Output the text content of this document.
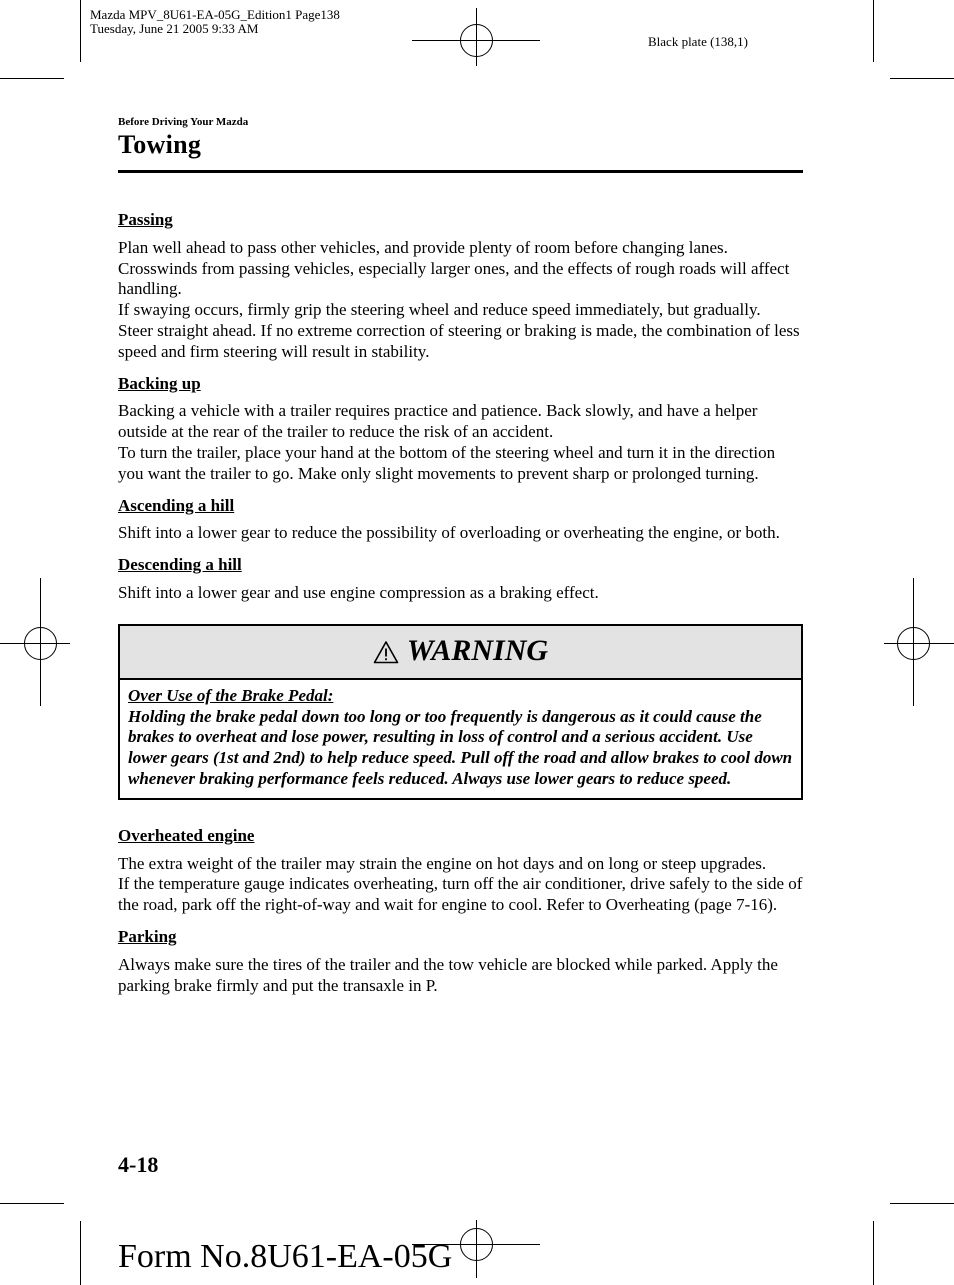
Mazda MPV_8U61-EA-05G_Edition1 Page138
Tuesday, June 21 2005 9:33 AM
Black plate (138,1)
Before Driving Your Mazda
Towing

Passing

Plan well ahead to pass other vehicles, and provide plenty of room before changing lanes.

Crosswinds from passing vehicles, especially larger ones, and the effects of rough roads will affect handling.

If swaying occurs, firmly grip the steering wheel and reduce speed immediately, but gradually.

Steer straight ahead. If no extreme correction of steering or braking is made, the combination of less speed and firm steering will result in stability.

Backing up

Backing a vehicle with a trailer requires practice and patience. Back slowly, and have a helper outside at the rear of the trailer to reduce the risk of an accident.

To turn the trailer, place your hand at the bottom of the steering wheel and turn it in the direction you want the trailer to go. Make only slight movements to prevent sharp or prolonged turning.

Ascending a hill

Shift into a lower gear to reduce the possibility of overloading or overheating the engine, or both.

Descending a hill

Shift into a lower gear and use engine compression as a braking effect.

WARNING
Over Use of the Brake Pedal:
Holding the brake pedal down too long or too frequently is dangerous as it could cause the brakes to overheat and lose power, resulting in loss of control and a serious accident. Use lower gears (1st and 2nd) to help reduce speed. Pull off the road and allow brakes to cool down whenever braking performance feels reduced. Always use lower gears to reduce speed.

Overheated engine

The extra weight of the trailer may strain the engine on hot days and on long or steep upgrades.

If the temperature gauge indicates overheating, turn off the air conditioner, drive safely to the side of the road, park off the right-of-way and wait for engine to cool. Refer to Overheating (page 7-16).

Parking

Always make sure the tires of the trailer and the tow vehicle are blocked while parked. Apply the parking brake firmly and put the transaxle in P.

4-18
Form No.8U61-EA-05G
